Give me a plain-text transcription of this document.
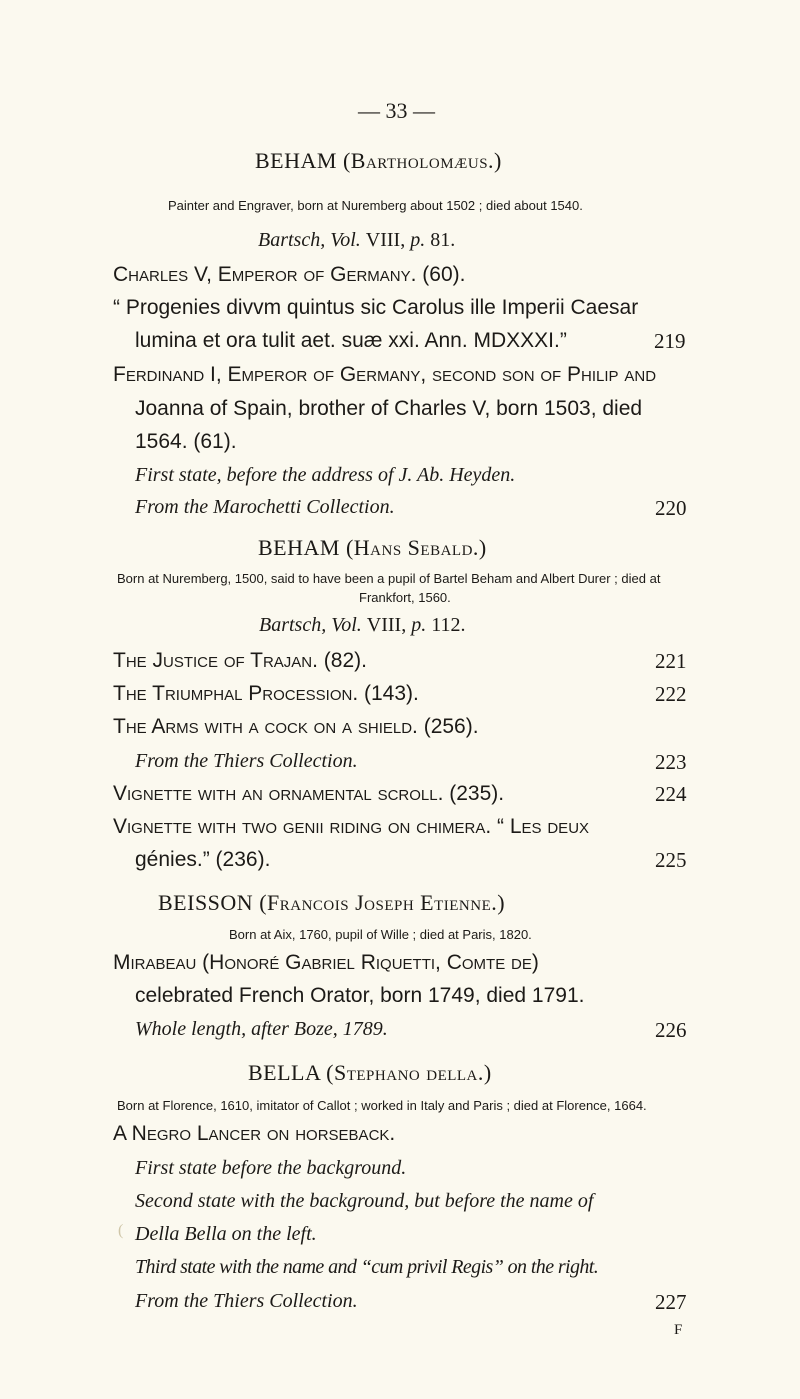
— 33 —
BEHAM (Bartholomæus.)
Painter and Engraver, born at Nuremberg about 1502 ; died about 1540.
Bartsch, Vol. VIII, p. 81.
Charles V, Emperor of Germany. (60).
“ Progenies divvm quintus sic Carolus ille Imperii Caesar
lumina et ora tulit aet. suæ xxi. Ann. MDXXXI.”	219
Ferdinand I, Emperor of Germany, second son of Philip and
Joanna of Spain, brother of Charles V, born 1503, died
1564. (61).
First state, before the address of J. Ab. Heyden.
From the Marochetti Collection.	220
BEHAM (Hans Sebald.)
Born at Nuremberg, 1500, said to have been a pupil of Bartel Beham and Albert Durer ; died at
Frankfort, 1560.
Bartsch, Vol. VIII, p. 112.
The Justice of Trajan. (82).	221
The Triumphal Procession. (143).	222
The Arms with a cock on a shield. (256).
From the Thiers Collection.	223
Vignette with an ornamental scroll. (235).	224
Vignette with two genii riding on chimera. “ Les deux
génies.” (236).	225
BEISSON (Francois Joseph Etienne.)
Born at Aix, 1760, pupil of Wille ; died at Paris, 1820.
Mirabeau (Honoré Gabriel Riquetti, Comte de)
celebrated French Orator, born 1749, died 1791.
Whole length, after Boze, 1789.	226
BELLA (Stephano della.)
Born at Florence, 1610, imitator of Callot ; worked in Italy and Paris ; died at Florence, 1664.
A Negro Lancer on horseback.
First state before the background.
Second state with the background, but before the name of
( Della Bella on the left.
Third state with the name and “cum privil Regis” on the right.
From the Thiers Collection.	227
F
